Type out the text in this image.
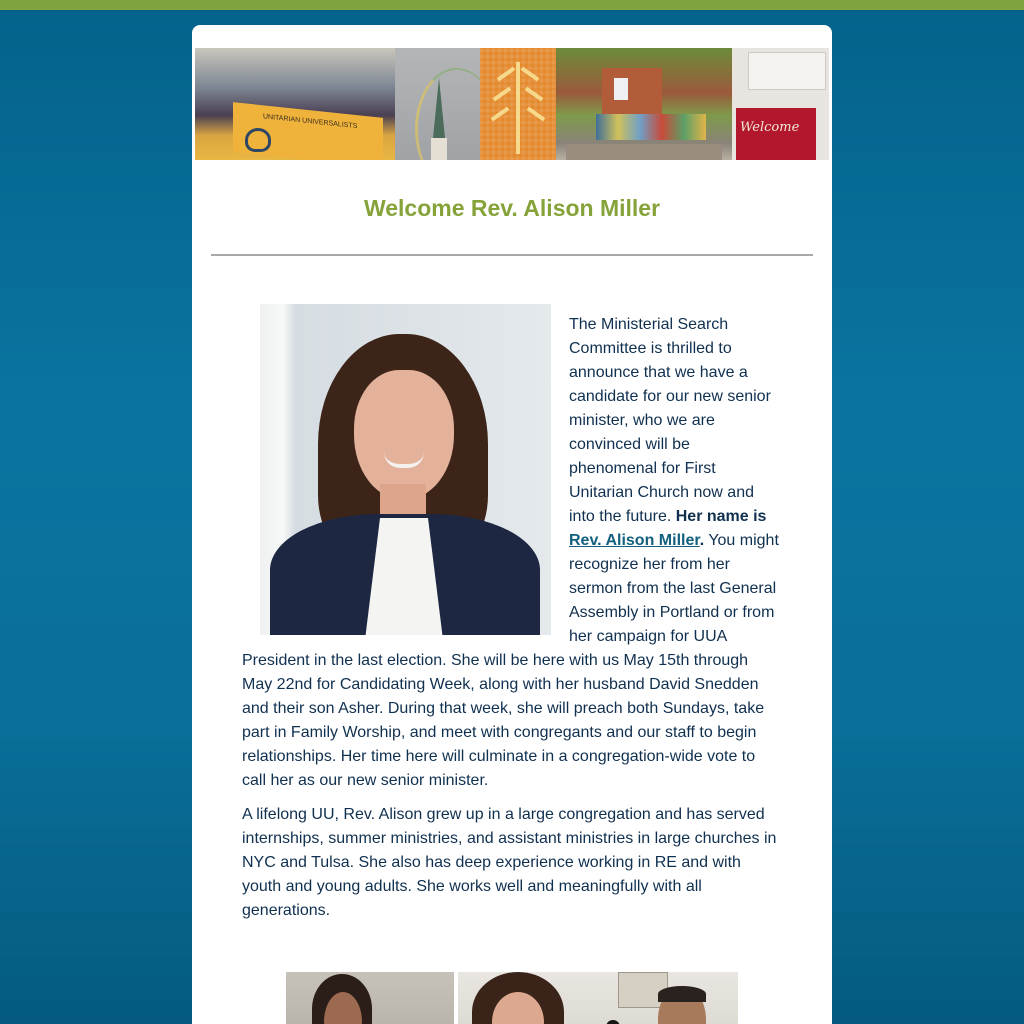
UNITARIAN UNIVERSALISTS	Welcome
Welcome Rev. Alison Miller

The Ministerial Search Committee is thrilled to announce that we have a candidate for our new senior minister, who we are convinced will be phenomenal for First Unitarian Church now and into the future. Her name is Rev. Alison Miller. You might recognize her from her sermon from the last General Assembly in Portland or from her campaign for UUA President in the last election. She will be here with us May 15th through May 22nd for Candidating Week, along with her husband David Snedden and their son Asher. During that week, she will preach both Sundays, take part in Family Worship, and meet with congregants and our staff to begin relationships. Her time here will culminate in a congregation-wide vote to call her as our new senior minister.

A lifelong UU, Rev. Alison grew up in a large congregation and has served internships, summer ministries, and assistant ministries in large churches in NYC and Tulsa. She also has deep experience working in RE and with youth and young adults. She works well and meaningfully with all generations.
